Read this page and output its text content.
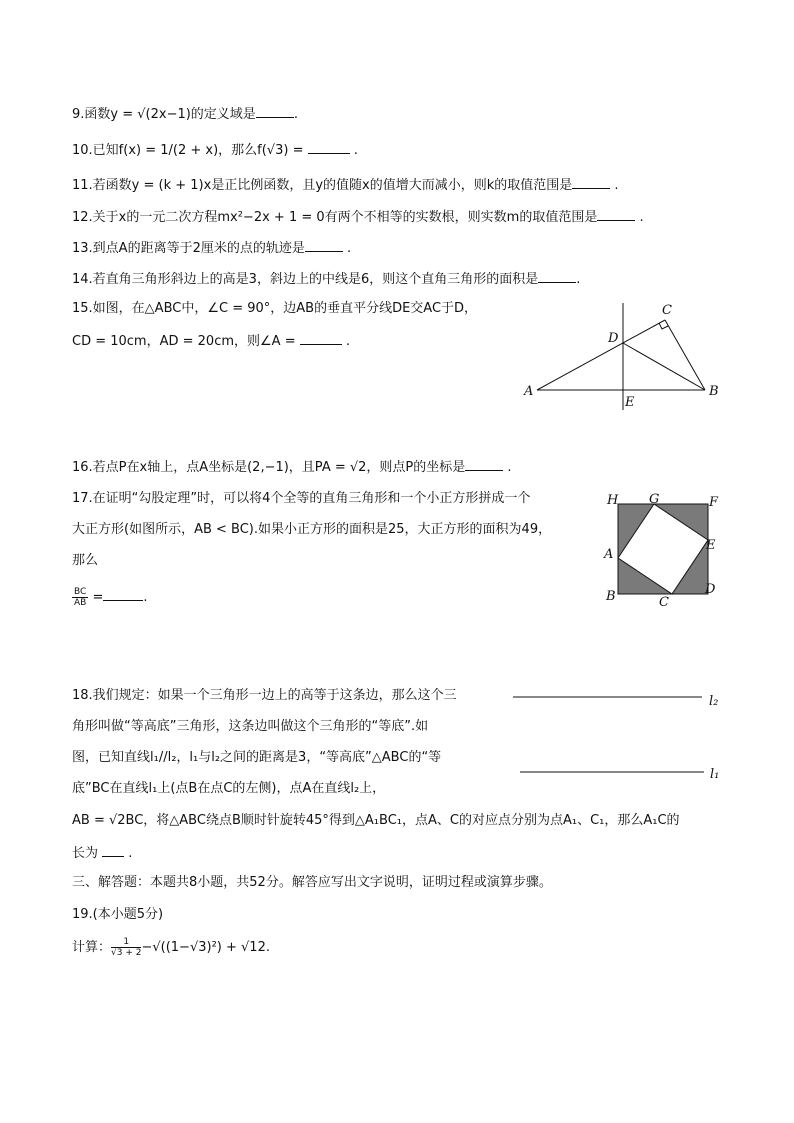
9.函数y = √(2x−1)的定义域是	.
10.已知f(x) = 1/(2 + x)，那么f(√3) =	.
11.若函数y = (k + 1)x是正比例函数，且y的值随x的值增大而减小，则k的取值范围是	.
12.关于x的一元二次方程mx²−2x + 1 = 0有两个不相等的实数根，则实数m的取值范围是	.
13.到点A的距离等于2厘米的点的轨迹是	.
14.若直角三角形斜边上的高是3，斜边上的中线是6，则这个直角三角形的面积是	.
15.如图，在△ABC中，∠C = 90°，边AB的垂直平分线DE交AC于D，
CD = 10cm，AD = 20cm，则∠A =	.
A	B
C
D
E
16.若点P在x轴上，点A坐标是(2,−1)，且PA = √2，则点P的坐标是	.
17.在证明“勾股定理”时，可以将4个全等的直角三角形和一个小正方形拼成一个
大正方形(如图所示，AB < BC).如果小正方形的面积是25，大正方形的面积为49，
那么
$\frac{BC}{AB}$ =	.
H G	F
A
E
B	C
D
18.我们规定：如果一个三角形一边上的高等于这条边，那么这个三
角形叫做“等高底”三角形，这条边叫做这个三角形的“等底”.如
图，已知直线l₁//l₂，l₁与l₂之间的距离是3，“等高底”△ABC的“等
底”BC在直线l₁上(点B在点C的左侧)，点A在直线l₂上，
AB = √2BC，将△ABC绕点B顺时针旋转45°得到△A₁BC₁，点A、C的对应点分别为点A₁、C₁，那么A₁C的
长为 .
l₂
l₁
三、解答题：本题共8小题，共52分。解答应写出文字说明，证明过程或演算步骤。
19.(本小题5分)
计算： $\frac{1}{√3 + 2} -√((1-√3)^2) + √12$.
